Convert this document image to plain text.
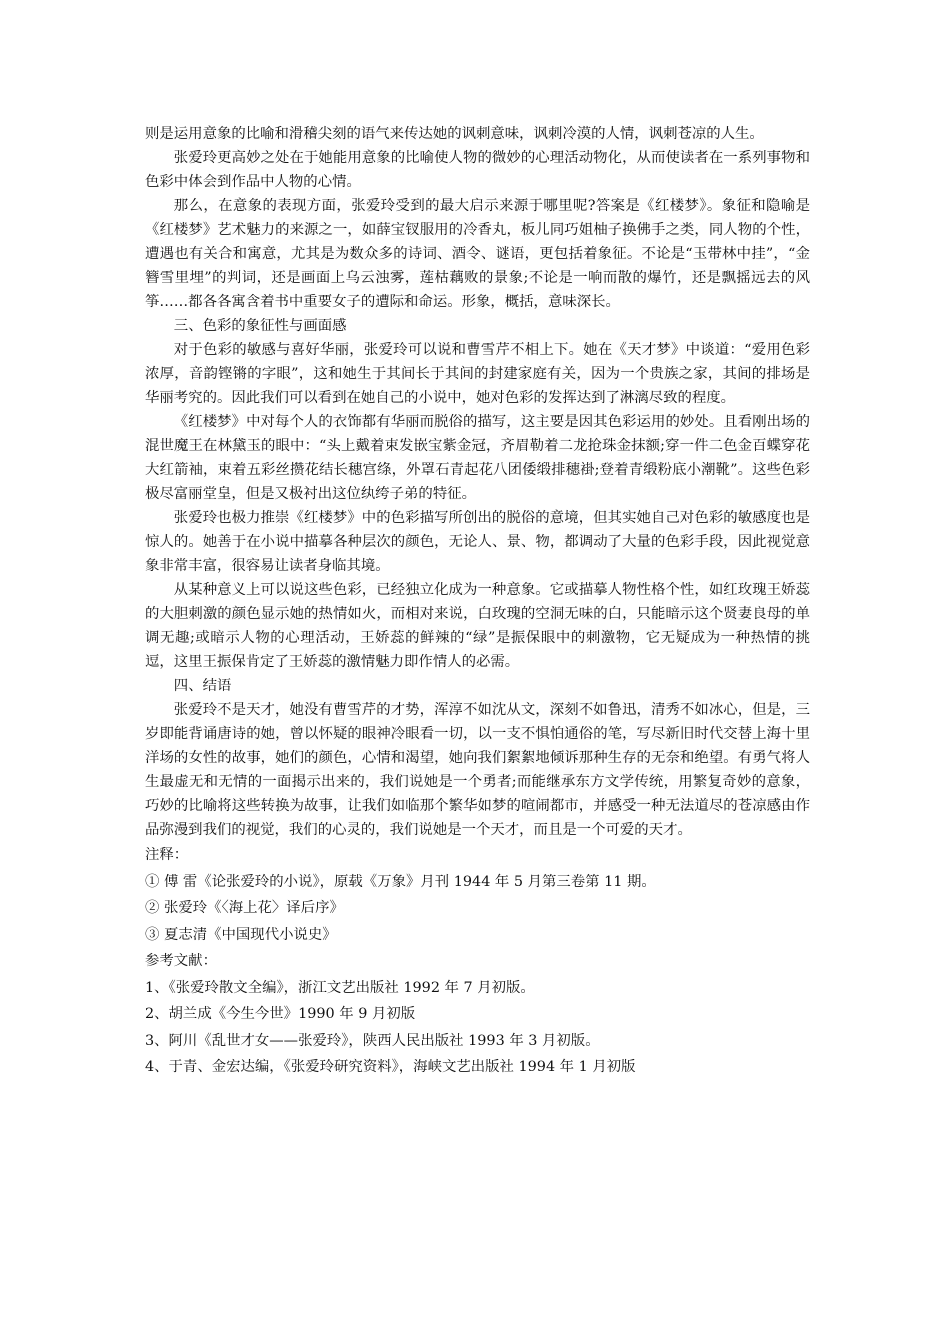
则是运用意象的比喻和滑稽尖刻的语气来传达她的讽刺意味，讽刺冷漠的人情，讽刺苍凉的人生。

张爱玲更高妙之处在于她能用意象的比喻使人物的微妙的心理活动物化，从而使读者在一系列事物和色彩中体会到作品中人物的心情。

那么，在意象的表现方面，张爱玲受到的最大启示来源于哪里呢?答案是《红楼梦》。象征和隐喻是《红楼梦》艺术魅力的来源之一，如薛宝钗服用的冷香丸，板儿同巧姐柚子换佛手之类，同人物的个性，遭遇也有关合和寓意，尤其是为数众多的诗词、酒令、谜语，更包括着象征。不论是“玉带林中挂”，“金簪雪里埋”的判词，还是画面上乌云浊雾，莲枯藕败的景象;不论是一响而散的爆竹，还是飘摇远去的风筝……都各各寓含着书中重要女子的遭际和命运。形象，概括，意味深长。

三、色彩的象征性与画面感

对于色彩的敏感与喜好华丽，张爱玲可以说和曹雪芹不相上下。她在《天才梦》中谈道：“爱用色彩浓厚，音韵铿锵的字眼”，这和她生于其间长于其间的封建家庭有关，因为一个贵族之家，其间的排场是华丽考究的。因此我们可以看到在她自己的小说中，她对色彩的发挥达到了淋漓尽致的程度。

《红楼梦》中对每个人的衣饰都有华丽而脱俗的描写，这主要是因其色彩运用的妙处。且看刚出场的混世魔王在林黛玉的眼中：“头上戴着束发嵌宝紫金冠，齐眉勒着二龙抢珠金抹额;穿一件二色金百蝶穿花大红箭袖，束着五彩丝攒花结长穗宫绦，外罩石青起花八团倭缎排穗褂;登着青缎粉底小潮靴”。这些色彩极尽富丽堂皇，但是又极衬出这位纨绔子弟的特征。

张爱玲也极力推崇《红楼梦》中的色彩描写所创出的脱俗的意境，但其实她自己对色彩的敏感度也是惊人的。她善于在小说中描摹各种层次的颜色，无论人、景、物，都调动了大量的色彩手段，因此视觉意象非常丰富，很容易让读者身临其境。

从某种意义上可以说这些色彩，已经独立化成为一种意象。它或描摹人物性格个性，如红玫瑰王娇蕊的大胆刺激的颜色显示她的热情如火，而相对来说，白玫瑰的空洞无味的白，只能暗示这个贤妻良母的单调无趣;或暗示人物的心理活动，王娇蕊的鲜辣的“绿”是振保眼中的刺激物，它无疑成为一种热情的挑逗，这里王振保肯定了王娇蕊的激情魅力即作情人的必需。

四、结语

张爱玲不是天才，她没有曹雪芹的才势，浑淳不如沈从文，深刻不如鲁迅，清秀不如冰心，但是，三岁即能背诵唐诗的她，曾以怀疑的眼神冷眼看一切，以一支不惧怕通俗的笔，写尽新旧时代交替上海十里洋场的女性的故事，她们的颜色，心情和渴望，她向我们絮絮地倾诉那种生存的无奈和绝望。有勇气将人生最虚无和无情的一面揭示出来的，我们说她是一个勇者;而能继承东方文学传统，用繁复奇妙的意象，巧妙的比喻将这些转换为故事，让我们如临那个繁华如梦的喧闹都市，并感受一种无法道尽的苍凉感由作品弥漫到我们的视觉，我们的心灵的，我们说她是一个天才，而且是一个可爱的天才。

注释：

① 傅 雷《论张爱玲的小说》，原载《万象》月刊 1944 年 5 月第三卷第 11 期。

② 张爱玲《〈海上花〉译后序》

③ 夏志清《中国现代小说史》

参考文献：

1、《张爱玲散文全编》，浙江文艺出版社 1992 年 7 月初版。

2、胡兰成《今生今世》1990 年 9 月初版

3、阿川《乱世才女——张爱玲》，陕西人民出版社 1993 年 3 月初版。

4、于青、金宏达编，《张爱玲研究资料》，海峡文艺出版社 1994 年 1 月初版
